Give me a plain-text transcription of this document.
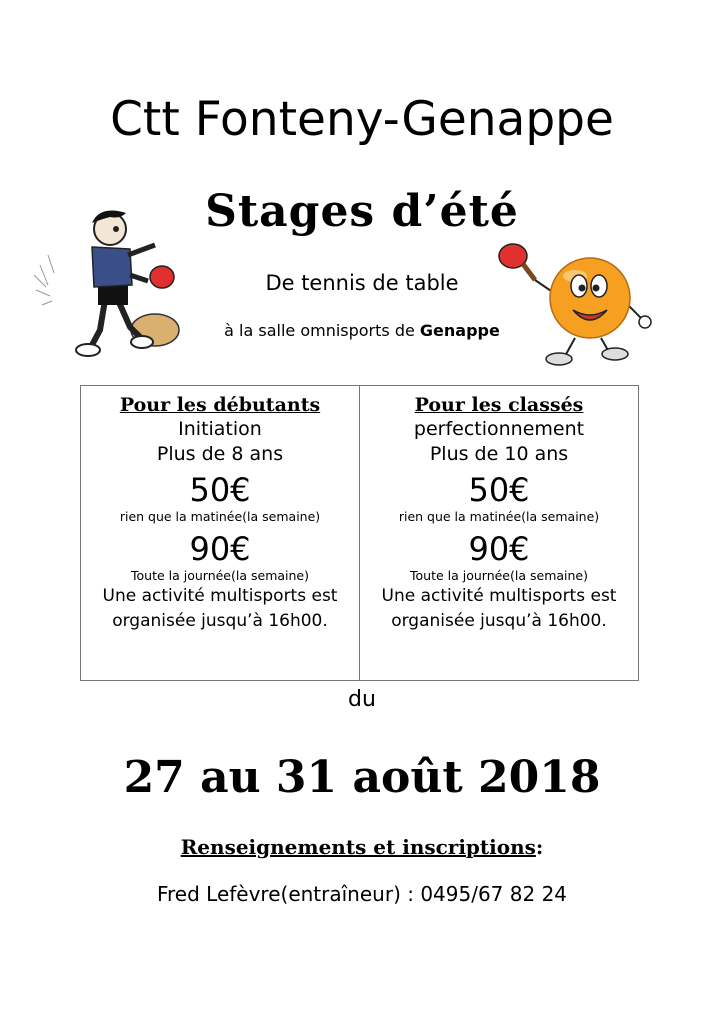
Ctt Fonteny-Genappe
Stages d’été
De tennis de table
à la salle omnisports de Genappe
Pour les débutants
Initiation
Plus de 8 ans
50€
rien que la matinée(la semaine)
90€
Toute la journée(la semaine)
Une activité multisports est
organisée jusqu’à 16h00.
Pour les classés
perfectionnement
Plus de 10 ans
50€
rien que la matinée(la semaine)
90€
Toute la journée(la semaine)
Une activité multisports est
organisée jusqu’à 16h00.
du
27 au 31 août 2018
Renseignements et inscriptions:
Fred Lefèvre(entraîneur) : 0495/67 82 24
